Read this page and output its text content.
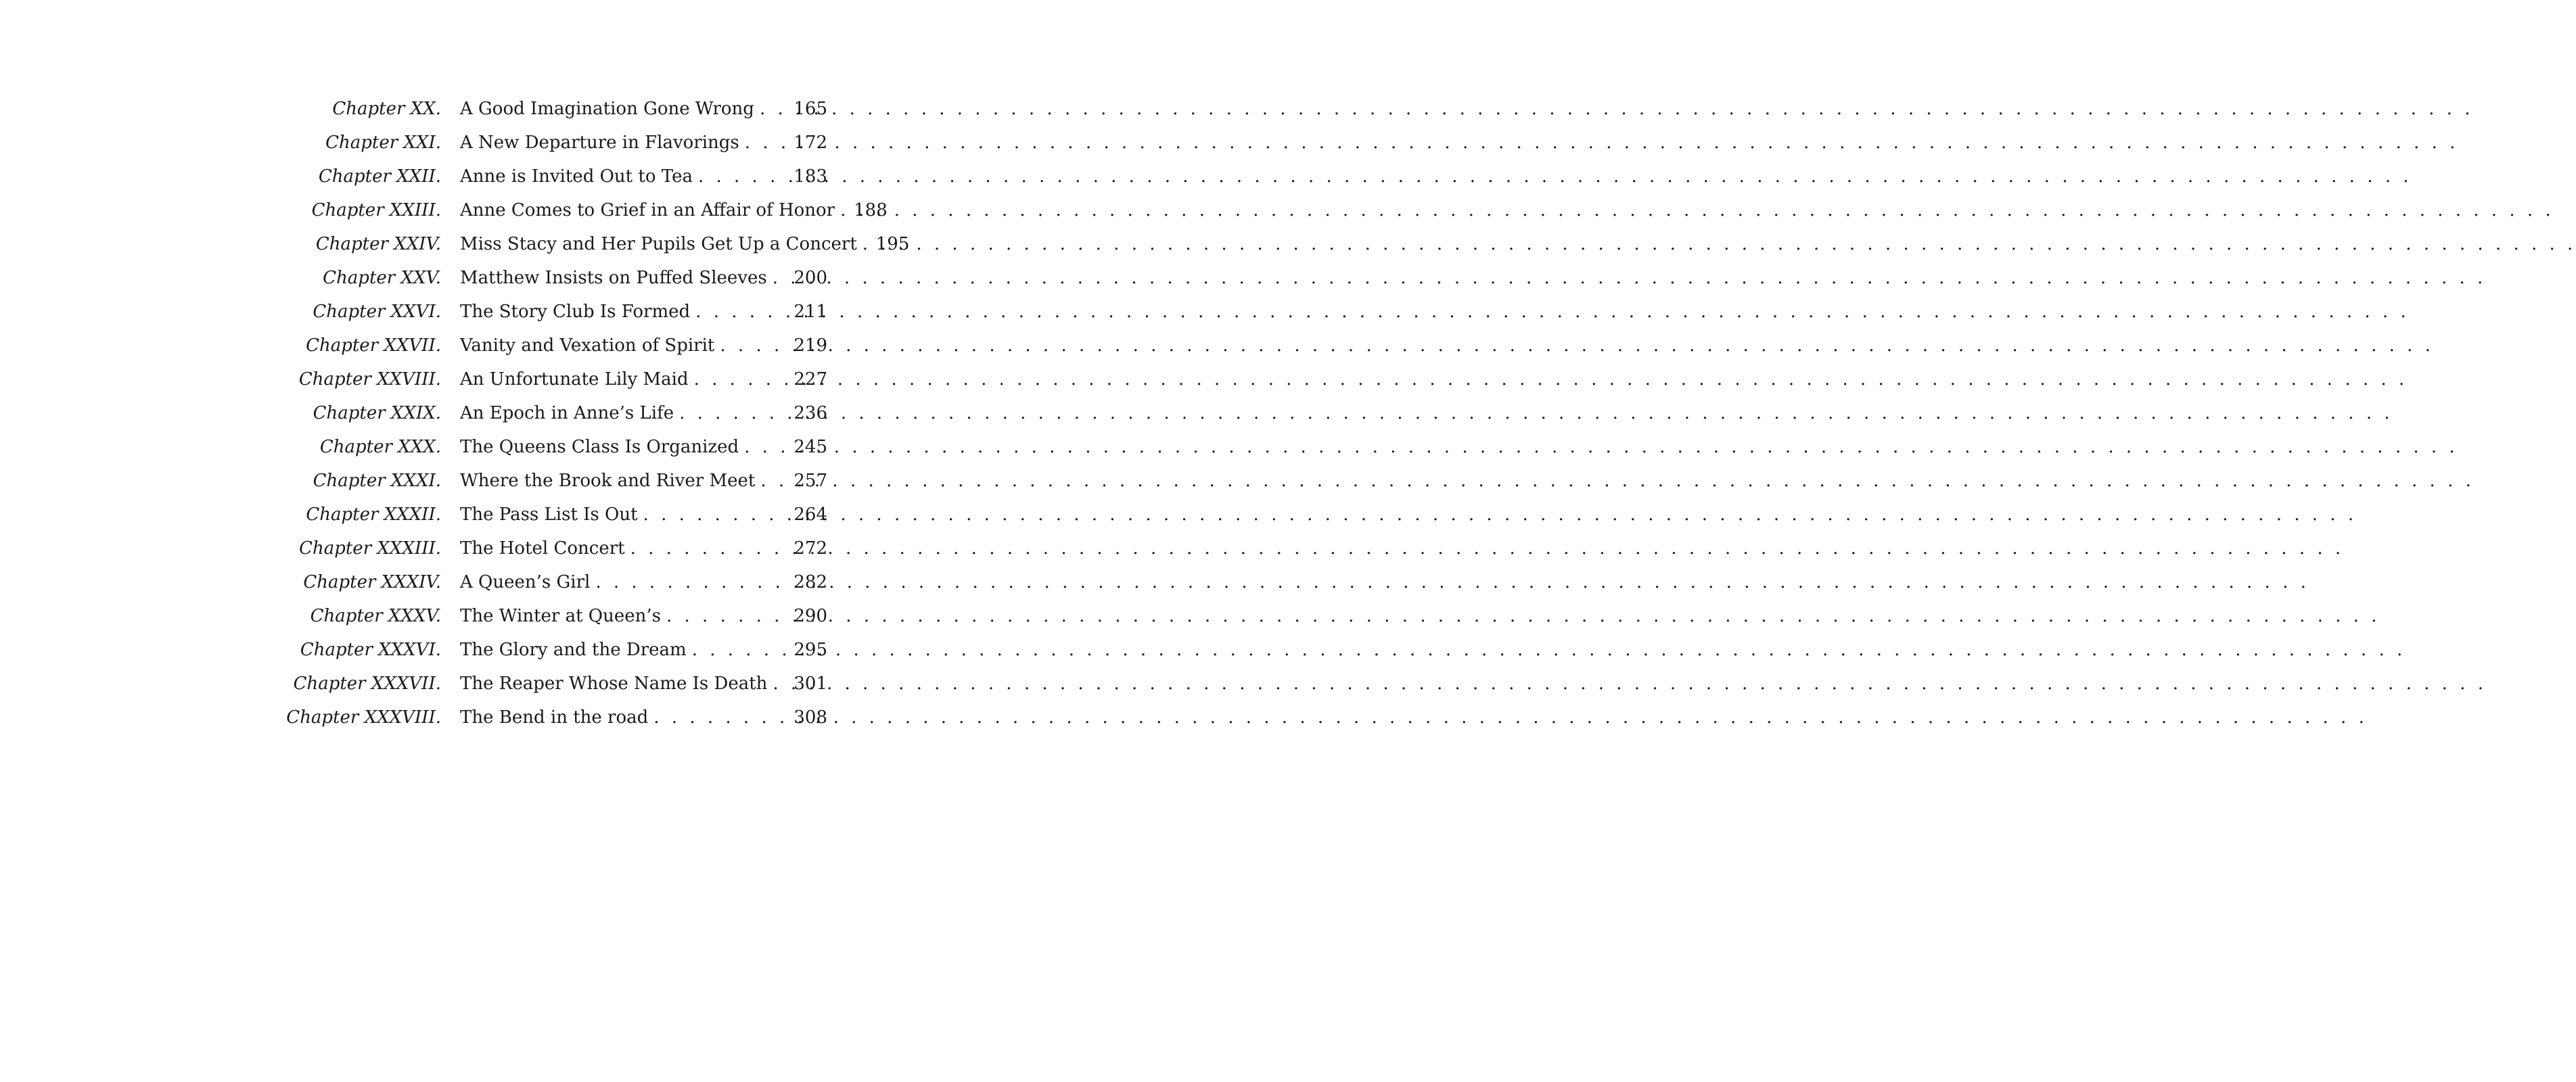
Chapter XX. A Good Imagination Gone Wrong . . . 165
Chapter XXI. A New Departure in Flavorings . . .	172
Chapter XXII. Anne is Invited Out to Tea . . .	183
Chapter XXIII. Anne Comes to Grief in an Affair of Honor . . . 188
Chapter XXIV. Miss Stacy and Her Pupils Get Up a Concert . . . 195
Chapter XXV. Matthew Insists on Puffed Sleeves . . . 200
Chapter XXVI. The Story Club Is Formed . . .	211
Chapter XXVII. Vanity and Vexation of Spirit . . .	219
Chapter XXVIII. An Unfortunate Lily Maid . . .	227
Chapter XXIX. An Epoch in Anne’s Life . . .	236
Chapter XXX. The Queens Class Is Organized . . .	245
Chapter XXXI. Where the Brook and River Meet . . . 257
Chapter XXXII. The Pass List Is Out . . .	264
Chapter XXXIII. The Hotel Concert . . .	272
Chapter XXXIV. A Queen’s Girl . . .	282
Chapter XXXV. The Winter at Queen’s . . .	290
Chapter XXXVI. The Glory and the Dream . . .	295
Chapter XXXVII. The Reaper Whose Name Is Death . . . 301
Chapter XXXVIII. The Bend in the road . . .	308
